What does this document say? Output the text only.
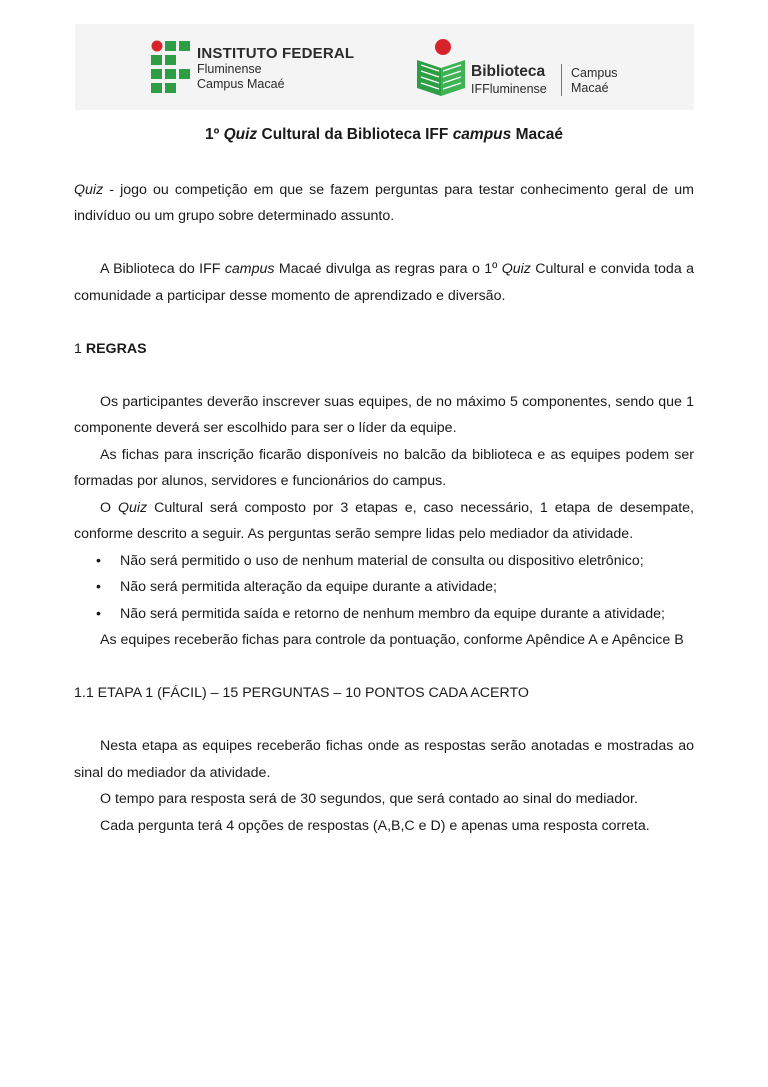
INSTITUTO FEDERAL
Fluminense
Campus Macaé
Biblioteca
IFFluminense
Campus
Macaé
1º Quiz Cultural da Biblioteca IFF campus Macaé

Quiz - jogo ou competição em que se fazem perguntas para testar conhecimento geral de um indivíduo ou um grupo sobre determinado assunto.

A Biblioteca do IFF campus Macaé divulga as regras para o 1º Quiz Cultural e convida toda a comunidade a participar desse momento de aprendizado e diversão.

1 REGRAS

Os participantes deverão inscrever suas equipes, de no máximo 5 componentes, sendo que 1 componente deverá ser escolhido para ser o líder da equipe.

As fichas para inscrição ficarão disponíveis no balcão da biblioteca e as equipes podem ser formadas por alunos, servidores e funcionários do campus.

O Quiz Cultural será composto por 3 etapas e, caso necessário, 1 etapa de desempate, conforme descrito a seguir. As perguntas serão sempre lidas pelo mediador da atividade.

• Não será permitido o uso de nenhum material de consulta ou dispositivo eletrônico;
• Não será permitida alteração da equipe durante a atividade;
• Não será permitida saída e retorno de nenhum membro da equipe durante a atividade;

As equipes receberão fichas para controle da pontuação, conforme Apêndice A e Apêncice B

1.1 ETAPA 1 (FÁCIL) – 15 PERGUNTAS – 10 PONTOS CADA ACERTO

Nesta etapa as equipes receberão fichas onde as respostas serão anotadas e mostradas ao sinal do mediador da atividade.

O tempo para resposta será de 30 segundos, que será contado ao sinal do mediador.

Cada pergunta terá 4 opções de respostas (A,B,C e D) e apenas uma resposta correta.
